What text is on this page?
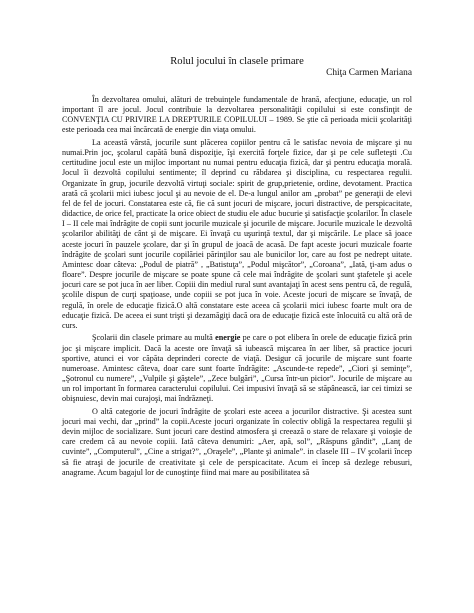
Rolul jocului în clasele primare

Chiţa Carmen Mariana

În dezvoltarea omului, alături de trebuinţele fundamentale de hrană, afecţiune, educaţie, un rol important îl are jocul. Jocul contribuie la dezvoltarea personalităţii copilului si este consfinţit de CONVENŢIA CU PRIVIRE LA DREPTURILE COPILULUI – 1989. Se ştie că perioada micii şcolarităţi este perioada cea mai încărcată de energie din viaţa omului.

La această vârstă, jocurile sunt plăcerea copiilor pentru că le satisfac nevoia de mişcare şi nu numai.Prin joc, şcolarul capătă bună dispoziţie, îşi exercită forţele fizice, dar şi pe cele sufleteşti .Cu certitudine jocul este un mijloc important nu numai pentru educaţia fizică, dar şi pentru educaţia morală. Jocul îi dezvoltă copilului sentimente; îl deprind cu răbdarea şi disciplina, cu respectarea regulii. Organizate în grup, jocurile dezvoltă virtuţi sociale: spirit de grup,prietenie, ordine, devotament. Practica arată că şcolarii mici iubesc jocul şi au nevoie de el. De-a lungul anilor am „probat” pe generaţii de elevi fel de fel de jocuri. Constatarea este că, fie că sunt jocuri de mişcare, jocuri distractive, de perspicacitate, didactice, de orice fel, practicate la orice obiect de studiu ele aduc bucurie şi satisfacţie şcolarilor. În clasele I – II cele mai îndrăgite de copii sunt jocurile muzicale şi jocurile de mişcare. Jocurile muzicale le dezvoltă şcolarilor abilităţi de cânt şi de mişcare. Ei învaţă cu uşurinţă textul, dar şi mişcările. Le place să joace aceste jocuri în pauzele şcolare, dar şi în grupul de joacă de acasă. De fapt aceste jocuri muzicale foarte îndrăgite de şcolari sunt jocurile copilăriei părinţilor sau ale bunicilor lor, care au fost pe nedrept uitate. Amintesc doar câteva: „Podul de piatră” , „Batistuţa”, „Podul mişcător”, „Coroana”, „Iată, ţi-am adus o floare”. Despre jocurile de mişcare se poate spune că cele mai îndrăgite de şcolari sunt ştafetele şi acele jocuri care se pot juca în aer liber. Copiii din mediul rural sunt avantajaţi în acest sens pentru că, de regulă, şcolile dispun de curţi spaţioase, unde copiii se pot juca în voie. Aceste jocuri de mişcare se învaţă, de regulă, în orele de educaţie fizică.O altă constatare este aceea că şcolarii mici iubesc foarte mult ora de educaţie fizică. De aceea ei sunt trişti şi dezamăgiţi dacă ora de educaţie fizică este înlocuită cu altă oră de curs.

Şcolarii din clasele primare au multă energie pe care o pot elibera în orele de educaţie fizică prin joc şi mişcare implicit. Dacă la aceste ore învaţă să iubească mişcarea în aer liber, să practice jocuri sportive, atunci ei vor căpăta deprinderi corecte de viaţă. Desigur că jocurile de mişcare sunt foarte numeroase. Amintesc câteva, doar care sunt foarte îndrăgite: „Ascunde-te repede”, „Ciori şi seminţe”, „Şotronul cu numere”, „Vulpile şi găştele”, „Zece bulgări”, „Cursa într-un picior”. Jocurile de mişcare au un rol important în formarea caracterului copilului. Cei impusivi învaţă să se stăpânească, iar cei timizi se obişnuiesc, devin mai curajoşi, mai îndrăzneţi.

O altă categorie de jocuri îndrăgite de şcolari este aceea a jocurilor distractive. Şi acestea sunt jocuri mai vechi, dar „prind” la copii.Aceste jocuri organizate în colectiv obligă la respectarea regulii şi devin mijloc de socializare. Sunt jocuri care destind atmosfera şi creează o stare de relaxare şi voioşie de care credem că au nevoie copiii. Iată câteva denumiri: „Aer, apă, sol”, „Răspuns gândit”, „Lanţ de cuvinte”, „Computerul”, „Cine a strigat?”, „Oraşele”, „Plante şi animale”. in clasele III – IV şcolarii încep să fie atraşi de jocurile de creativitate şi cele de perspicacitate. Acum ei încep să dezlege rebusuri, anagrame. Acum bagajul lor de cunoştinţe fiind mai mare au posibilitatea să
